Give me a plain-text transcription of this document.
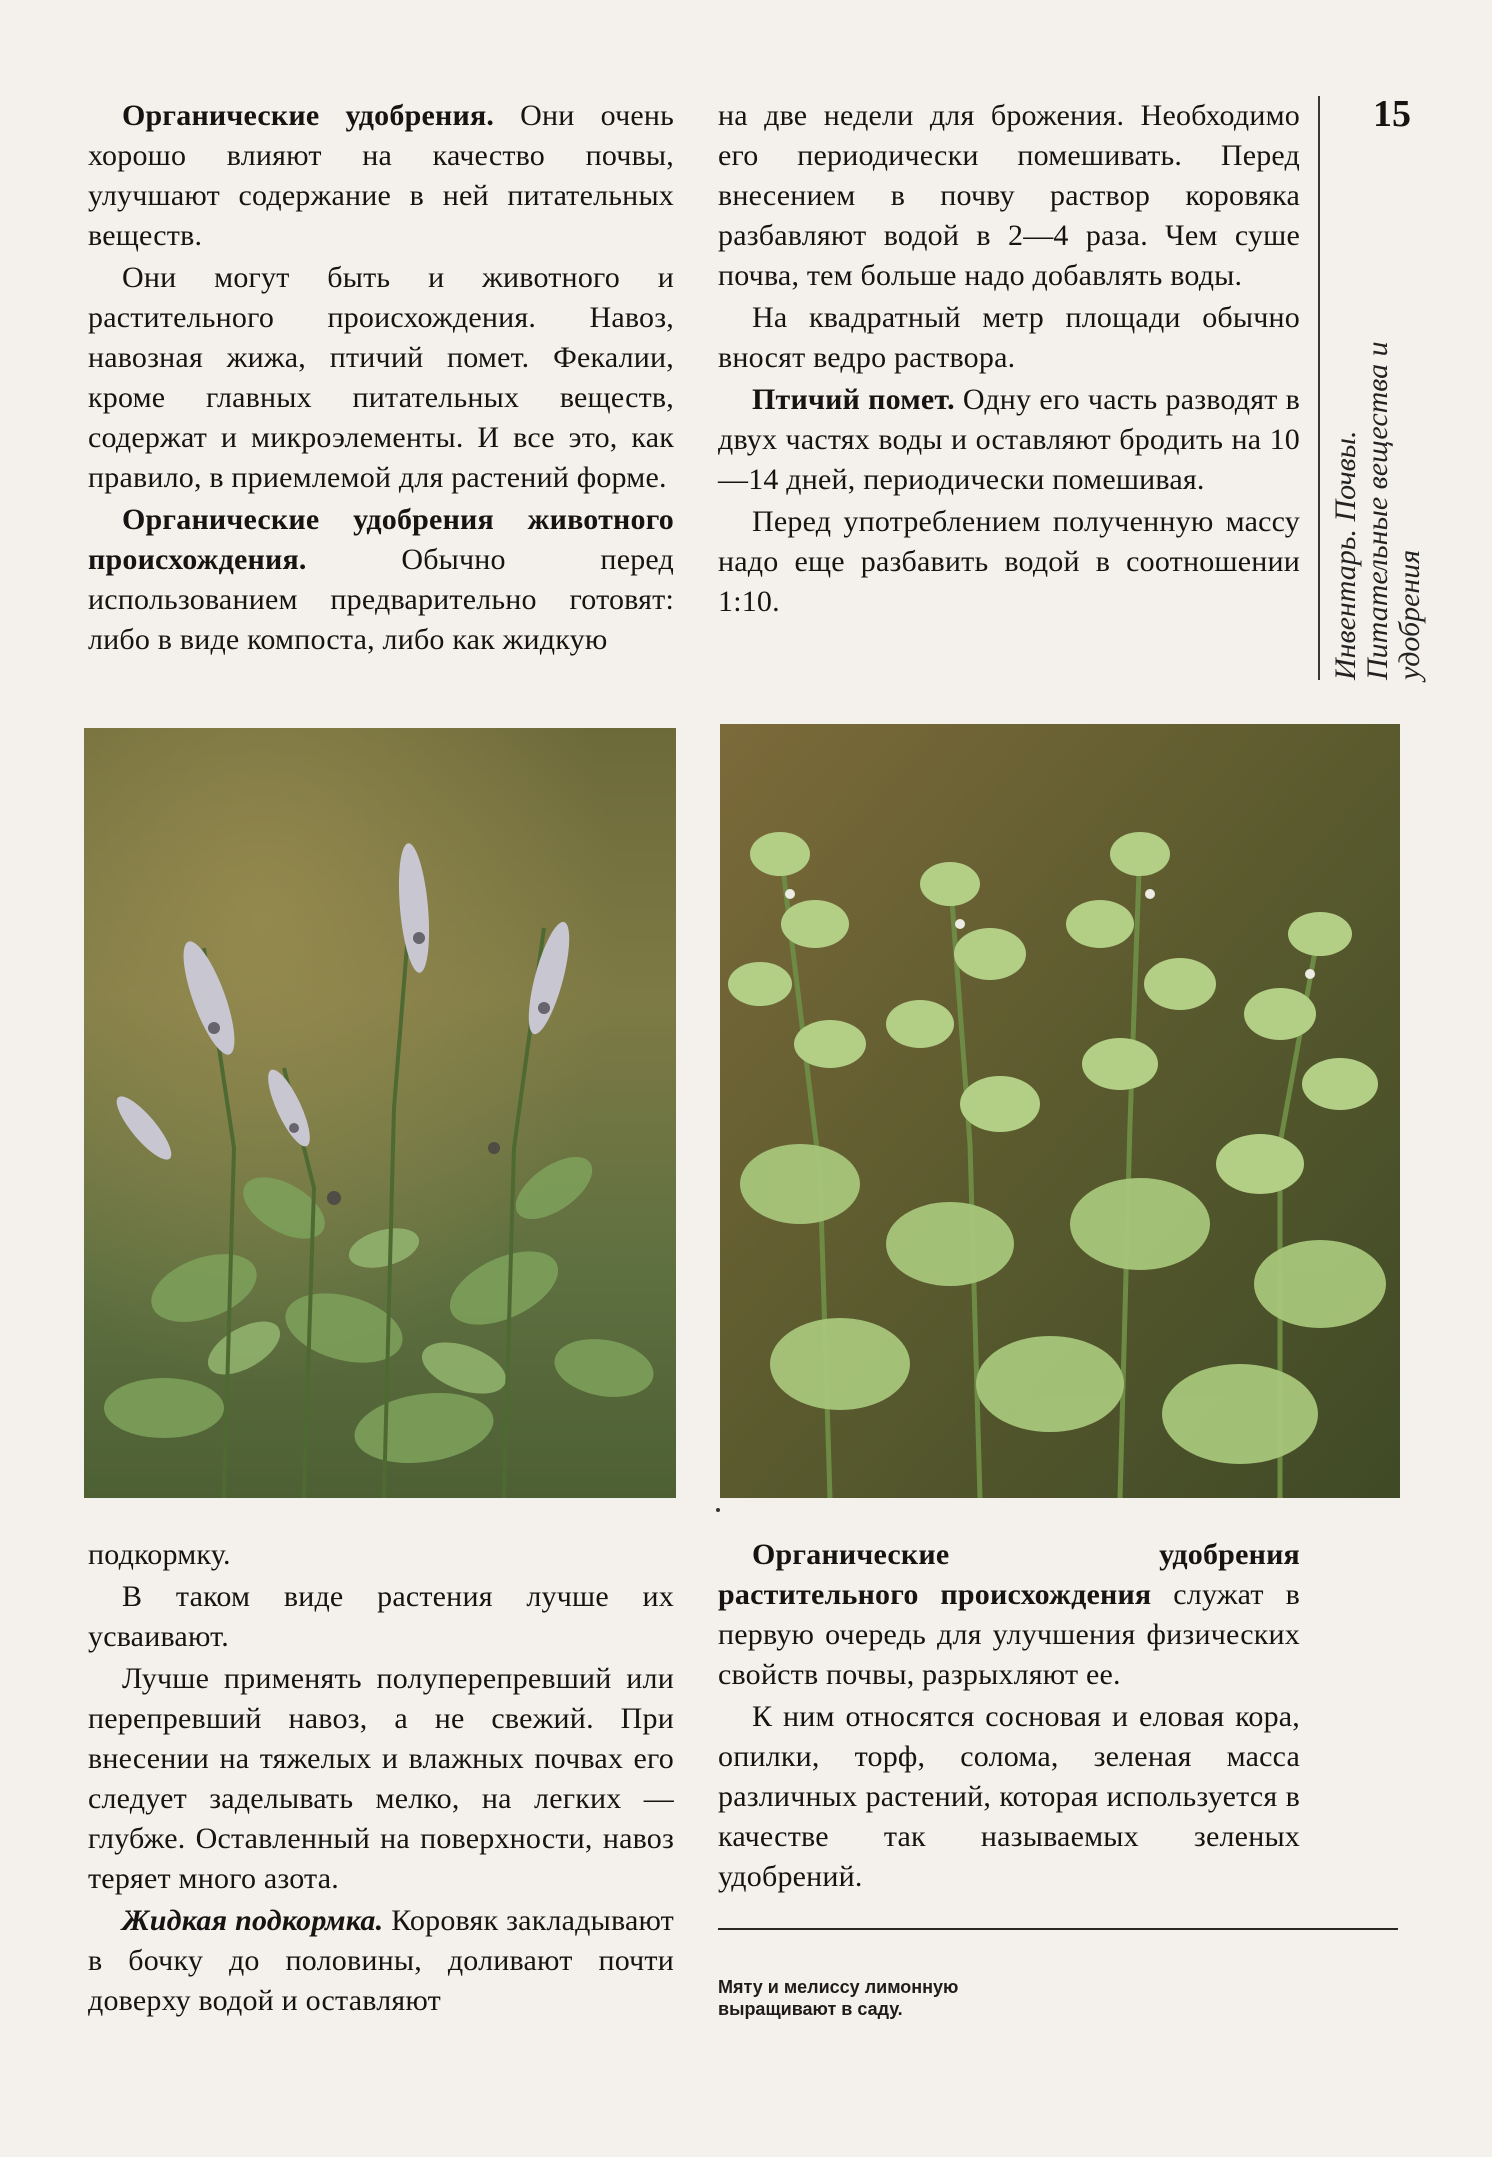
15
Инвентарь. Почвы. Питательные вещества и удобрения

Органические удобрения. Они очень хорошо влияют на качество почвы, улучшают содержание в ней питательных веществ.

Они могут быть и животного и растительного происхождения. Навоз, навозная жижа, птичий помет. Фекалии, кроме главных питательных веществ, содержат и микроэлементы. И все это, как правило, в приемлемой для растений форме.

Органические удобрения животного происхождения. Обычно перед использованием предварительно готовят: либо в виде компоста, либо как жидкую

на две недели для брожения. Необходимо его периодически помешивать. Перед внесением в почву раствор коровяка разбавляют водой в 2—4 раза. Чем суше почва, тем больше надо добавлять воды.

На квадратный метр площади обычно вносят ведро раствора.

Птичий помет. Одну его часть разводят в двух частях воды и оставляют бродить на 10—14 дней, периодически помешивая.

Перед употреблением полученную массу надо еще разбавить водой в соотношении 1:10.

подкормку.

В таком виде растения лучше их усваивают.

Лучше применять полуперепревший или перепревший навоз, а не свежий. При внесении на тяжелых и влажных почвах его следует заделывать мелко, на легких — глубже. Оставленный на поверхности, навоз теряет много азота.

Жидкая подкормка. Коровяк закладывают в бочку до половины, доливают почти доверху водой и оставляют

Органические удобрения растительного происхождения служат в первую очередь для улучшения физических свойств почвы, разрыхляют ее.

К ним относятся сосновая и еловая кора, опилки, торф, солома, зеленая масса различных растений, которая используется в качестве так называемых зеленых удобрений.

Мяту и мелиссу лимонную выращивают в саду.
